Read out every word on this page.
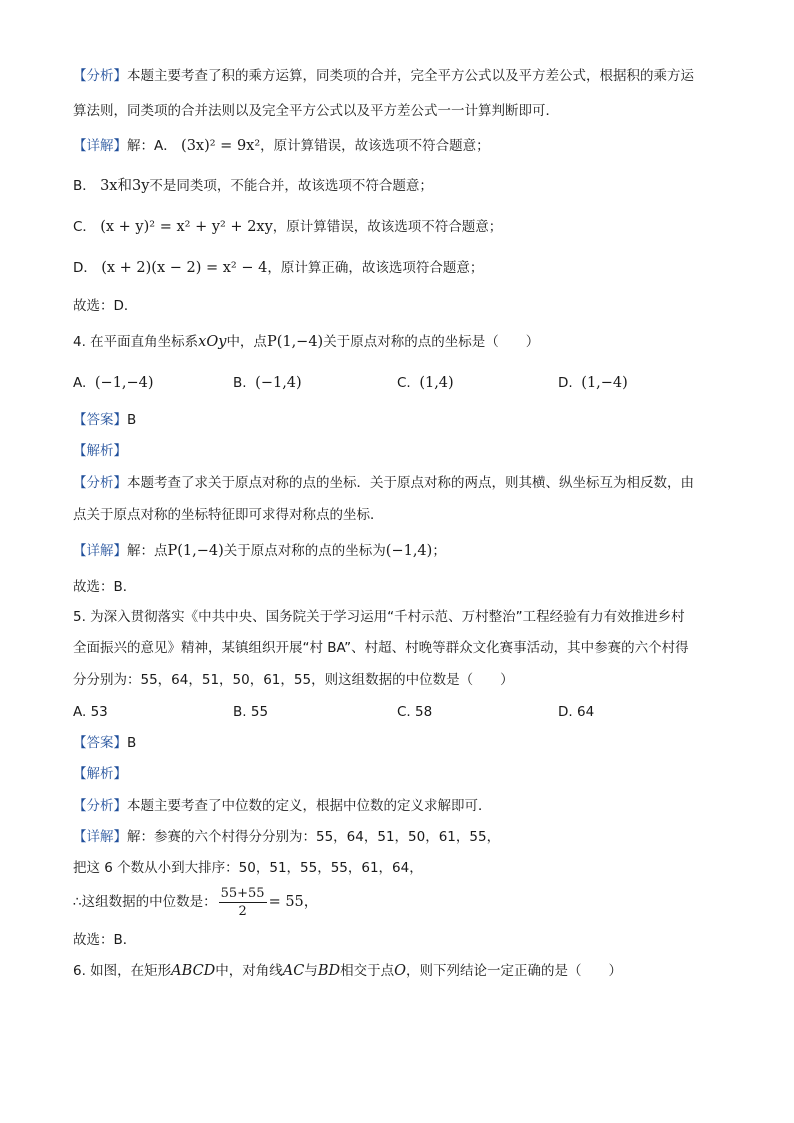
【分析】本题主要考查了积的乘方运算，同类项的合并，完全平方公式以及平方差公式，根据积的乘方运
算法则，同类项的合并法则以及完全平方公式以及平方差公式一一计算判断即可．
【详解】解：A． (3x)² = 9x²，原计算错误，故该选项不符合题意；
B． 3x和3y不是同类项，不能合并，故该选项不符合题意；
C． (x + y)² = x² + y² + 2xy，原计算错误，故该选项不符合题意；
D． (x + 2)(x − 2) = x² − 4，原计算正确，故该选项符合题意；
故选：D．
4. 在平面直角坐标系xOy中，点P(1,−4)关于原点对称的点的坐标是（　　）
A. (−1,−4)	B. (−1,4)	C. (1,4)	D. (1,−4)
【答案】B
【解析】
【分析】本题考查了求关于原点对称的点的坐标．关于原点对称的两点，则其横、纵坐标互为相反数，由
点关于原点对称的坐标特征即可求得对称点的坐标．
【详解】解：点P(1,−4)关于原点对称的点的坐标为(−1,4)；
故选：B．
5. 为深入贯彻落实《中共中央、国务院关于学习运用“千村示范、万村整治”工程经验有力有效推进乡村
全面振兴的意见》精神，某镇组织开展“村 BA”、村超、村晚等群众文化赛事活动，其中参赛的六个村得
分分别为：55，64，51，50，61，55，则这组数据的中位数是（　　）
A. 53	B. 55	C. 58	D. 64
【答案】B
【解析】
【分析】本题主要考查了中位数的定义，根据中位数的定义求解即可．
【详解】解：参赛的六个村得分分别为：55，64，51，50，61，55，
把这 6 个数从小到大排序：50，51，55，55，61，64，
∴这组数据的中位数是： $\frac{55+55}{2} = 55$，
故选：B．
6. 如图，在矩形ABCD中，对角线AC与BD相交于点O，则下列结论一定正确的是（　　）
